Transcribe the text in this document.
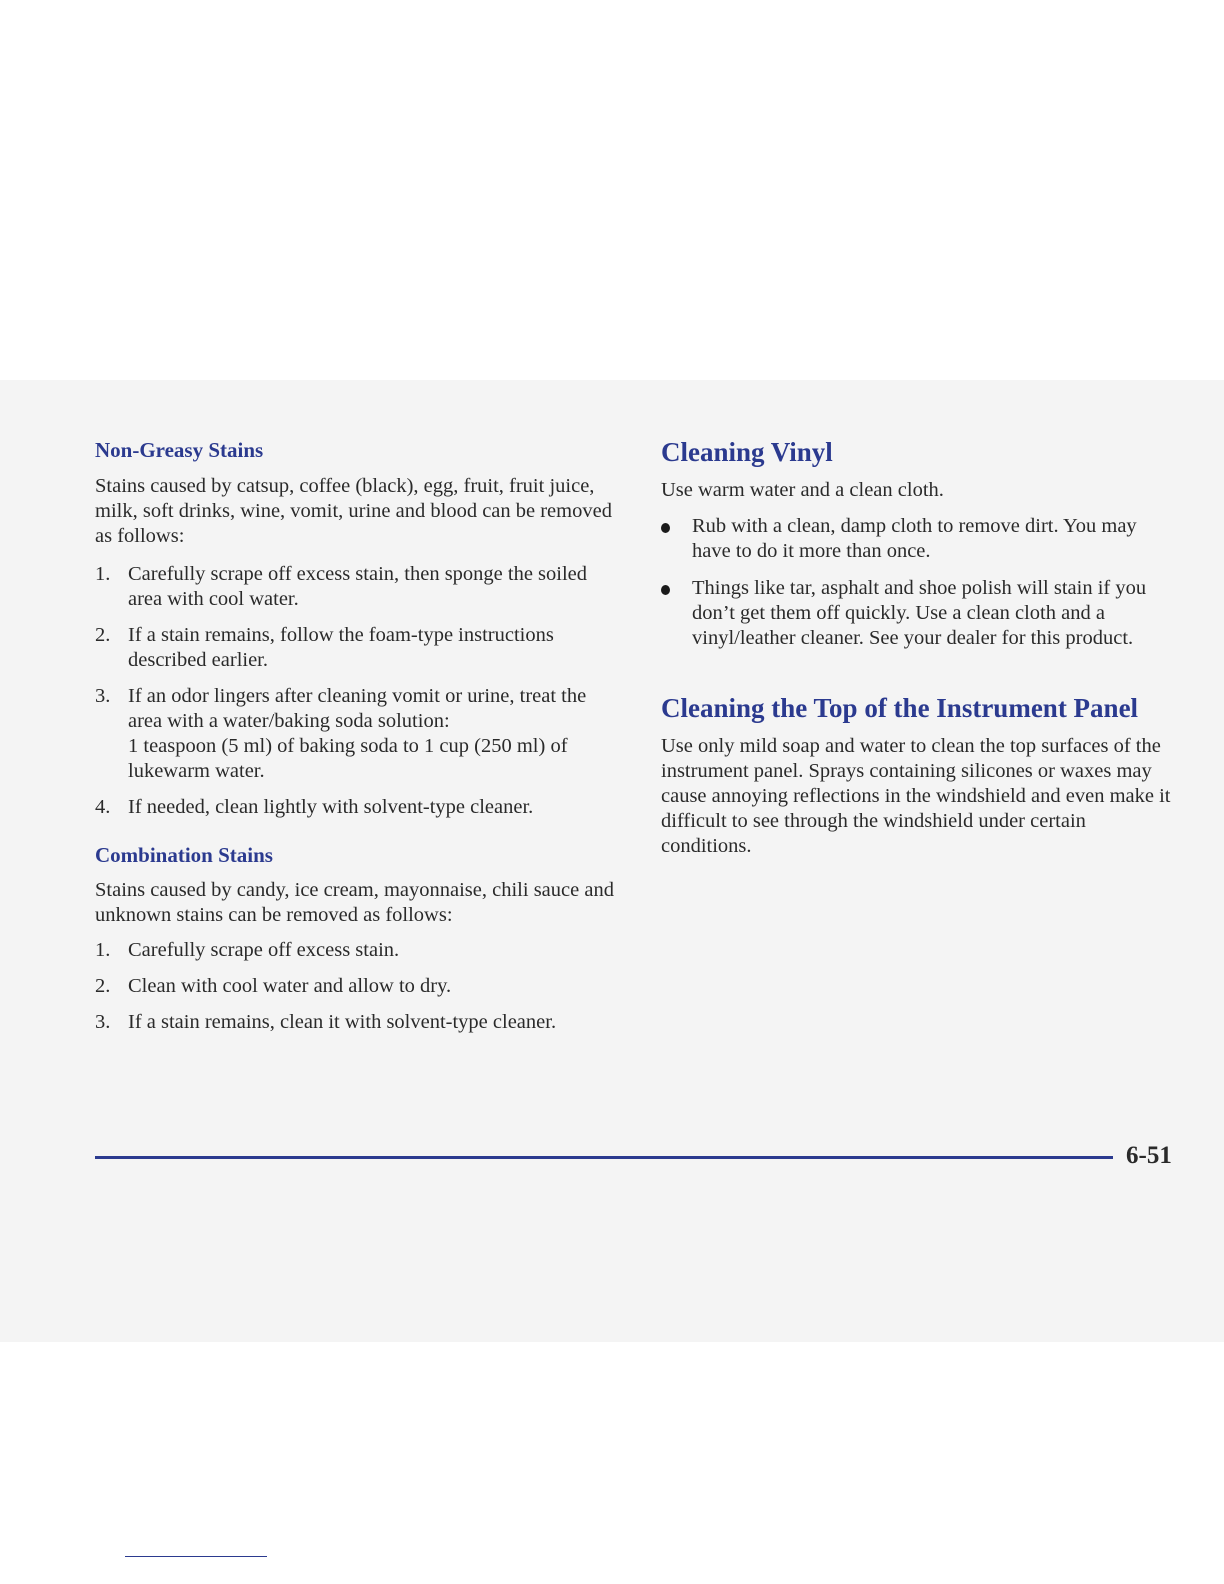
Non-Greasy Stains

Stains caused by catsup, coffee (black), egg, fruit, fruit juice, milk, soft drinks, wine, vomit, urine and blood can be removed as follows:

1. Carefully scrape off excess stain, then sponge the soiled area with cool water.
2. If a stain remains, follow the foam-type instructions described earlier.
3. If an odor lingers after cleaning vomit or urine, treat the area with a water/baking soda solution:
1 teaspoon (5 ml) of baking soda to 1 cup (250 ml) of lukewarm water.
4. If needed, clean lightly with solvent-type cleaner.
Combination Stains

Stains caused by candy, ice cream, mayonnaise, chili sauce and unknown stains can be removed as follows:

1. Carefully scrape off excess stain.
2. Clean with cool water and allow to dry.
3. If a stain remains, clean it with solvent-type cleaner.
Cleaning Vinyl

Use warm water and a clean cloth.

Rub with a clean, damp cloth to remove dirt. You may have to do it more than once.
Things like tar, asphalt and shoe polish will stain if you don’t get them off quickly. Use a clean cloth and a vinyl/leather cleaner. See your dealer for this product.
Cleaning the Top of the Instrument Panel

Use only mild soap and water to clean the top surfaces of the instrument panel. Sprays containing silicones or waxes may cause annoying reflections in the windshield and even make it difficult to see through the windshield under certain conditions.

6-51
